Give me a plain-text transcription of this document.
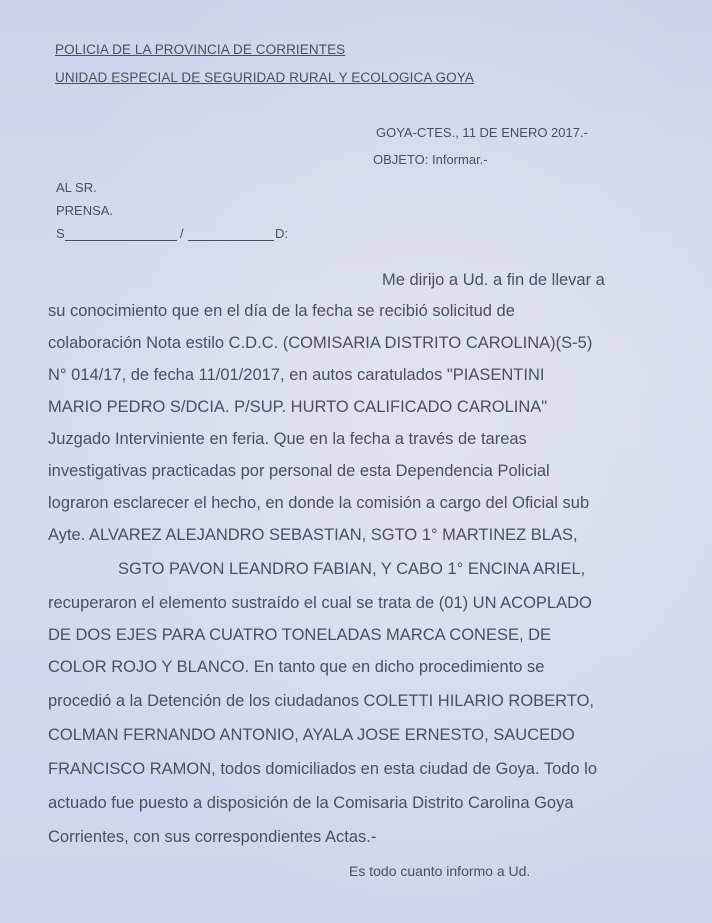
POLICIA DE LA PROVINCIA DE CORRIENTES
UNIDAD ESPECIAL DE SEGURIDAD RURAL Y ECOLOGICA GOYA
GOYA-CTES., 11 DE ENERO 2017.-
OBJETO: Informar.-
AL SR.
PRENSA.
S	/	D:
Me dirijo a Ud. a fin de llevar a
su conocimiento que en el día de la fecha se recibió solicitud de
colaboración Nota estilo C.D.C. (COMISARIA DISTRITO CAROLINA)(S-5)
N° 014/17, de fecha 11/01/2017, en autos caratulados "PIASENTINI
MARIO PEDRO S/DCIA. P/SUP. HURTO CALIFICADO CAROLINA"
Juzgado Interviniente en feria. Que en la fecha a través de tareas
investigativas practicadas por personal de esta Dependencia Policial
lograron esclarecer el hecho, en donde la comisión a cargo del Oficial sub
Ayte. ALVAREZ ALEJANDRO SEBASTIAN, SGTO 1° MARTINEZ BLAS,
SGTO PAVON LEANDRO FABIAN, Y CABO 1° ENCINA ARIEL,
recuperaron el elemento sustraído el cual se trata de (01) UN ACOPLADO
DE DOS EJES PARA CUATRO TONELADAS MARCA CONESE, DE
COLOR ROJO Y BLANCO. En tanto que en dicho procedimiento se
procedió a la Detención de los ciudadanos COLETTI HILARIO ROBERTO,
COLMAN FERNANDO ANTONIO, AYALA JOSE ERNESTO, SAUCEDO
FRANCISCO RAMON, todos domiciliados en esta ciudad de Goya. Todo lo
actuado fue puesto a disposición de la Comisaria Distrito Carolina Goya
Corrientes, con sus correspondientes Actas.-
Es todo cuanto informo a Ud.
